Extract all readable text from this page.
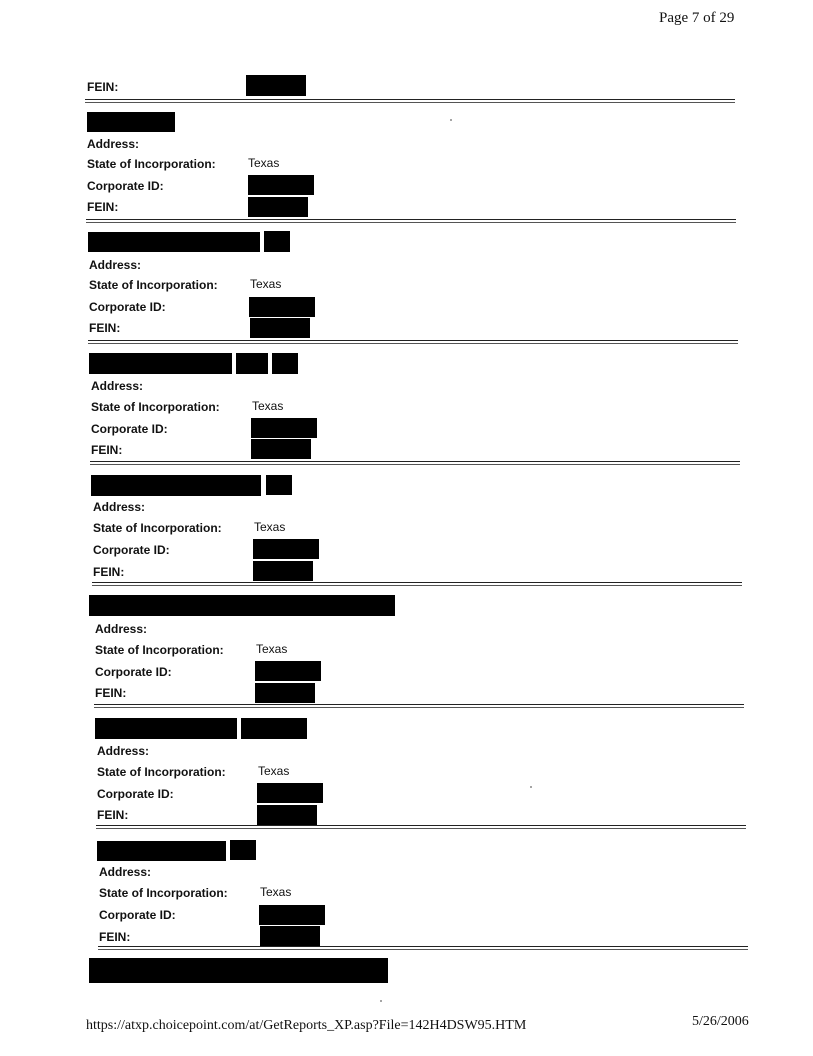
Page 7 of 29
FEIN:
Address:
State of Incorporation:	Texas
Corporate ID:
FEIN:
Address:
State of Incorporation:	Texas
Corporate ID:
FEIN:
Address:
State of Incorporation:	Texas
Corporate ID:
FEIN:
Address:
State of Incorporation:	Texas
Corporate ID:
FEIN:
Address:
State of Incorporation:	Texas
Corporate ID:
FEIN:
Address:
State of Incorporation:	Texas
Corporate ID:
FEIN:
Address:
State of Incorporation:	Texas
Corporate ID:
FEIN:
https://atxp.choicepoint.com/at/GetReports_XP.asp?File=142H4DSW95.HTM	5/26/2006
